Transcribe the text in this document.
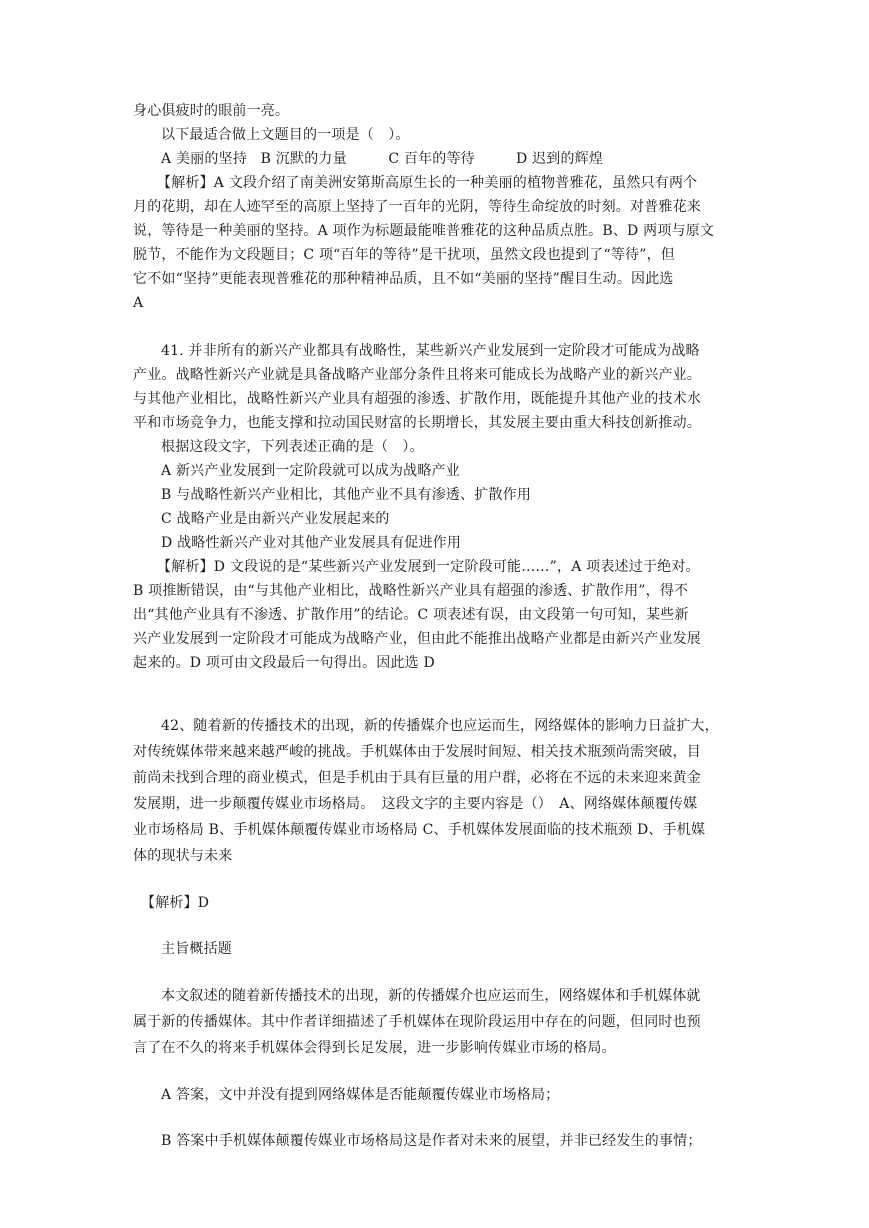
身心俱疲时的眼前一亮。
以下最适合做上文题目的一项是（　）。
A 美丽的坚持 B 沉默的力量	C 百年的等待	D 迟到的辉煌
【解析】A 文段介绍了南美洲安第斯高原生长的一种美丽的植物普雅花，虽然只有两个
月的花期，却在人迹罕至的高原上坚持了一百年的光阴，等待生命绽放的时刻。对普雅花来
说，等待是一种美丽的坚持。A 项作为标题最能唯普雅花的这种品质点胜。B、D 两项与原文
脱节，不能作为文段题目；C 项“百年的等待”是干扰项，虽然文段也提到了“等待”，但
它不如“坚持”更能表现普雅花的那种精神品质，且不如“美丽的坚持”醒目生动。因此选
A
41. 并非所有的新兴产业都具有战略性，某些新兴产业发展到一定阶段才可能成为战略
产业。战略性新兴产业就是具备战略产业部分条件且将来可能成长为战略产业的新兴产业。
与其他产业相比，战略性新兴产业具有超强的渗透、扩散作用，既能提升其他产业的技术水
平和市场竞争力，也能支撑和拉动国民财富的长期增长，其发展主要由重大科技创新推动。
根据这段文字，下列表述正确的是（　）。
A 新兴产业发展到一定阶段就可以成为战略产业
B 与战略性新兴产业相比，其他产业不具有渗透、扩散作用
C 战略产业是由新兴产业发展起来的
D 战略性新兴产业对其他产业发展具有促进作用
【解析】D 文段说的是“某些新兴产业发展到一定阶段可能……”，A 项表述过于绝对。
B 项推断错误，由“与其他产业相比，战略性新兴产业具有超强的渗透、扩散作用”，得不
出“其他产业具有不渗透、扩散作用”的结论。C 项表述有误，由文段第一句可知，某些新
兴产业发展到一定阶段才可能成为战略产业，但由此不能推出战略产业都是由新兴产业发展
起来的。D 项可由文段最后一句得出。因此选 D
42、随着新的传播技术的出现，新的传播媒介也应运而生，网络媒体的影响力日益扩大，
对传统媒体带来越来越严峻的挑战。手机媒体由于发展时间短、相关技术瓶颈尚需突破，目
前尚未找到合理的商业模式，但是手机由于具有巨量的用户群，必将在不远的未来迎来黄金
发展期，进一步颠覆传媒业市场格局。　这段文字的主要内容是（）　A、网络媒体颠覆传媒
业市场格局 B、手机媒体颠覆传媒业市场格局 C、手机媒体发展面临的技术瓶颈 D、手机媒
体的现状与未来
【解析】D
主旨概括题
本文叙述的随着新传播技术的出现，新的传播媒介也应运而生，网络媒体和手机媒体就
属于新的传播媒体。其中作者详细描述了手机媒体在现阶段运用中存在的问题，但同时也预
言了在不久的将来手机媒体会得到长足发展，进一步影响传媒业市场的格局。
A 答案，文中并没有提到网络媒体是否能颠覆传媒业市场格局；
B 答案中手机媒体颠覆传媒业市场格局这是作者对未来的展望，并非已经发生的事情；
